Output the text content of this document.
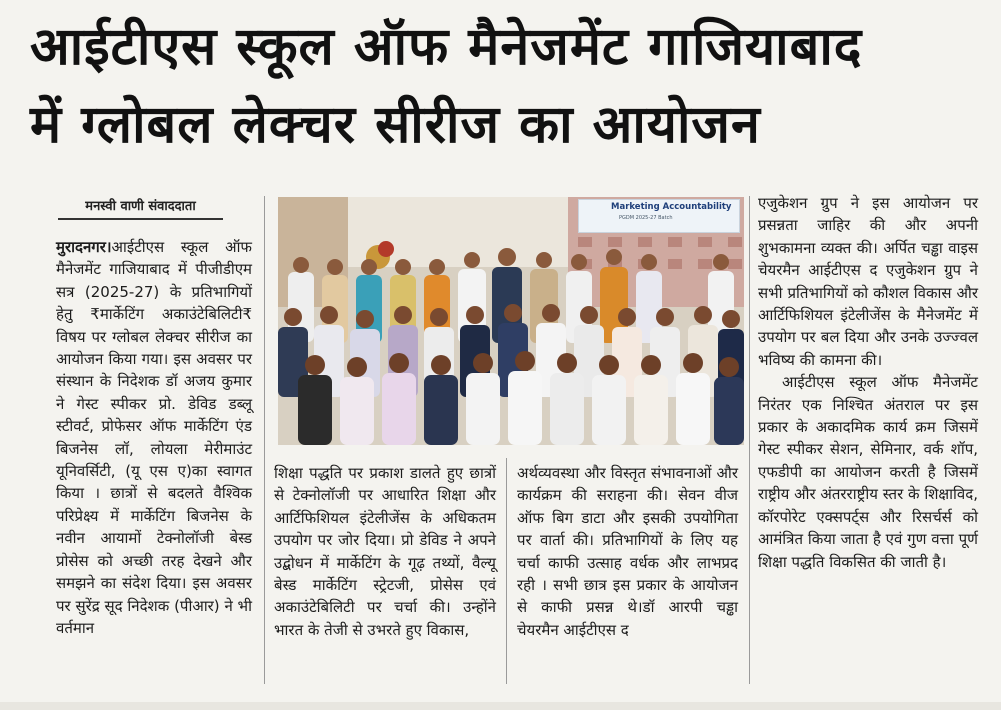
आईटीएस स्कूल ऑफ मैनेजमेंट गाजियाबाद
में ग्लोबल लेक्चर सीरीज का आयोजन
मनस्वी वाणी संवाददाता

मुरादनगर।आईटीएस स्कूल ऑफ मैनेजमेंट गाजियाबाद में पीजीडीएम सत्र (2025-27) के प्रतिभागियों हेतु ₹मार्केटिंग अकाउंटेबिलिटी₹ विषय पर ग्लोबल लेक्चर सीरीज का आयोजन किया गया। इस अवसर पर संस्थान के निदेशक डॉ अजय कुमार ने गेस्ट स्पीकर प्रो. डेविड डब्लू स्टीवर्ट, प्रोफेसर ऑफ मार्केटिंग एंड बिजनेस लॉ, लोयला मेरीमाउंट यूनिवर्सिटी, (यू एस ए)का स्वागत किया । छात्रों से बदलते वैश्विक परिप्रेक्ष्य में मार्केटिंग बिजनेस के नवीन आयामों टेक्नोलॉजी बेस्ड प्रोसेस को अच्छी तरह देखने और समझने का संदेश दिया। इस अवसर पर सुरेंद्र सूद निदेशक (पीआर) ने भी वर्तमान

Marketing Accountability
PGDM 2025-27 Batch

शिक्षा पद्धति पर प्रकाश डालते हुए छात्रों से टेक्नोलॉजी पर आधारित शिक्षा और आर्टिफिशियल इंटेलीजेंस के अधिकतम उपयोग पर जोर दिया। प्रो डेविड ने अपने उद्बोधन में मार्केटिंग के गूढ़ तथ्यों, वैल्यू बेस्ड मार्केटिंग स्ट्रेटजी, प्रोसेस एवं अकाउंटेबिलिटी पर चर्चा की। उन्होंने भारत के तेजी से उभरते हुए विकास,

अर्थव्यवस्था और विस्तृत संभावनाओं और कार्यक्रम की सराहना की। सेवन वीज ऑफ बिग डाटा और इसकी उपयोगिता पर वार्ता की। प्रतिभागियों के लिए यह चर्चा काफी उत्साह वर्धक और लाभप्रद रही । सभी छात्र इस प्रकार के आयोजन से काफी प्रसन्न थे।डॉ आरपी चड्ढा चेयरमैन आईटीएस द

एजुकेशन ग्रुप ने इस आयोजन पर प्रसन्नता जाहिर की और अपनी शुभकामना व्यक्त की। अर्पित चड्ढा वाइस चेयरमैन आईटीएस द एजुकेशन ग्रुप ने सभी प्रतिभागियों को कौशल विकास और आर्टिफिशियल इंटेलीजेंस के मैनेजमेंट में उपयोग पर बल दिया और उनके उज्ज्वल भविष्य की कामना की।
आईटीएस स्कूल ऑफ मैनेजमेंट निरंतर एक निश्चित अंतराल पर इस प्रकार के अकादमिक कार्य क्रम जिसमें गेस्ट स्पीकर सेशन, सेमिनार, वर्क शॉप, एफडीपी का आयोजन करती है जिसमें राष्ट्रीय और अंतरराष्ट्रीय स्तर के शिक्षाविद, कॉरपोरेट एक्सपर्ट्स और रिसर्चर्स को आमंत्रित किया जाता है एवं गुण वत्ता पूर्ण शिक्षा पद्धति विकसित की जाती है।
